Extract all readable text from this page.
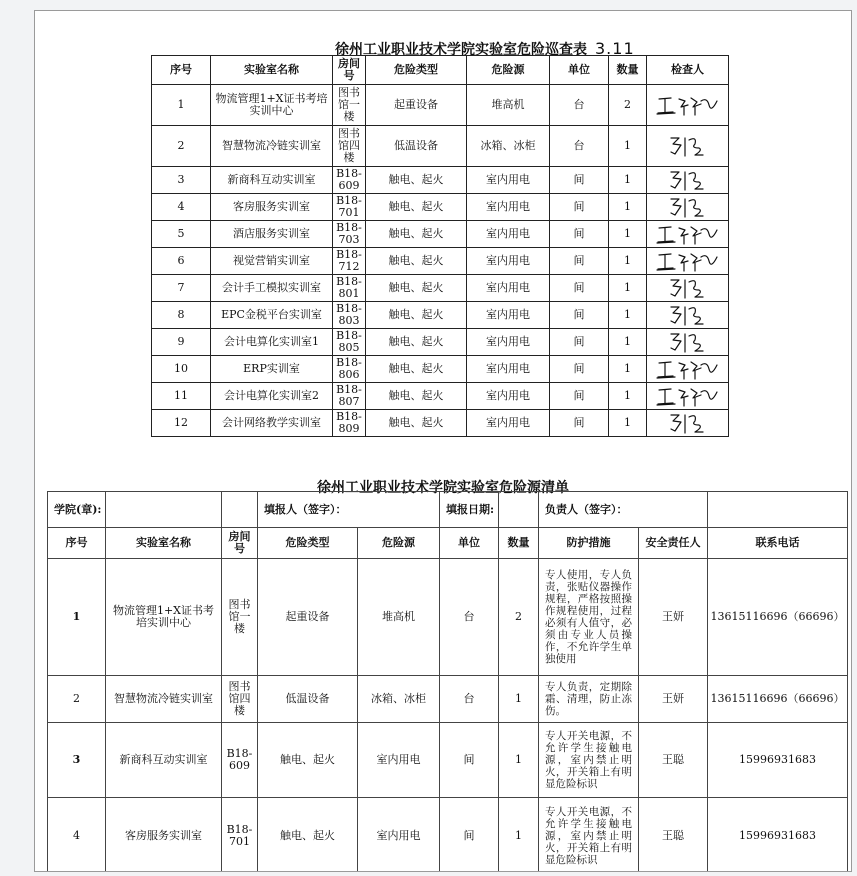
徐州工业职业技术学院实验室危险巡查表 3.11
序号	实验室名称	房间号	危险类型	危险源	单位	数量	检查人
1	物流管理1+X证书考培实训中心	图书馆一楼	起重设备	堆高机	台	2	

2	智慧物流冷链实训室	图书馆四楼	低温设备	冰箱、冰柜	台	1	

3	新商科互动实训室	B18-609	触电、起火	室内用电	间	1	

4	客房服务实训室	B18-701	触电、起火	室内用电	间	1	

5	酒店服务实训室	B18-703	触电、起火	室内用电	间	1	

6	视觉营销实训室	B18-712	触电、起火	室内用电	间	1	

7	会计手工模拟实训室	B18-801	触电、起火	室内用电	间	1	

8	EPC金税平台实训室	B18-803	触电、起火	室内用电	间	1	

9	会计电算化实训室1	B18-805	触电、起火	室内用电	间	1	

10	ERP实训室	B18-806	触电、起火	室内用电	间	1	

11	会计电算化实训室2	B18-807	触电、起火	室内用电	间	1	

12	会计网络教学实训室	B18-809	触电、起火	室内用电	间	1	
徐州工业职业技术学院实验室危险源清单
学院(章):			填报人（签字）：		填报日期:		负责人（签字）：		
序号	实验室名称	房间号	危险类型	危险源	单位	数量	防护措施	安全责任人	联系电话
1	物流管理1+X证书考培实训中心	图书馆一楼	起重设备	堆高机	台	2	专人使用，专人负责，张贴仪器操作规程，严格按照操作规程使用，过程必须有人值守，必须由专业人员操作，不允许学生单独使用	王妍	13615116696（66696）
2	智慧物流冷链实训室	图书馆四楼	低温设备	冰箱、冰柜	台	1	专人负责，定期除霜、清理，防止冻伤。	王妍	13615116696（66696）
3	新商科互动实训室	B18-609	触电、起火	室内用电	间	1	专人开关电源，不允许学生接触电源，室内禁止明火，开关箱上有明显危险标识	王聪	15996931683
4	客房服务实训室	B18-701	触电、起火	室内用电	间	1	专人开关电源，不允许学生接触电源，室内禁止明火，开关箱上有明显危险标识	王聪	15996931683
